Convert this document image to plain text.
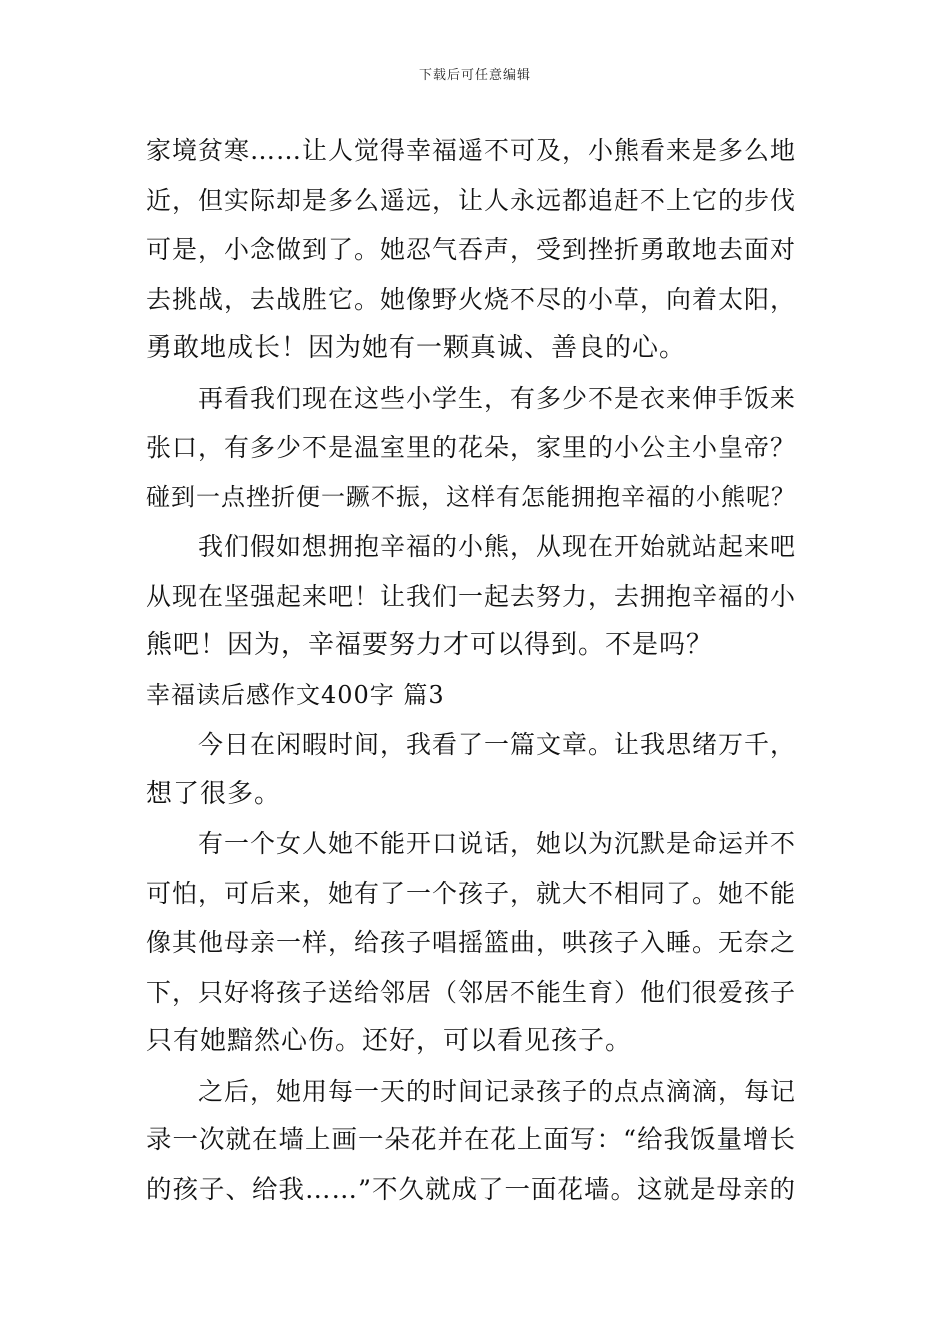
下载后可任意编辑
家境贫寒……让人觉得幸福遥不可及，小熊看来是多么地
近，但实际却是多么遥远，让人永远都追赶不上它的步伐
可是，小念做到了。她忍气吞声，受到挫折勇敢地去面对
去挑战，去战胜它。她像野火烧不尽的小草，向着太阳，
勇敢地成长！因为她有一颗真诚、善良的心。
再看我们现在这些小学生，有多少不是衣来伸手饭来
张口，有多少不是温室里的花朵，家里的小公主小皇帝？
碰到一点挫折便一蹶不振，这样有怎能拥抱辛福的小熊呢？
我们假如想拥抱辛福的小熊，从现在开始就站起来吧
从现在坚强起来吧！让我们一起去努力，去拥抱辛福的小
熊吧！因为，辛福要努力才可以得到。不是吗？
幸福读后感作文400字 篇3
今日在闲暇时间，我看了一篇文章。让我思绪万千，
想了很多。
有一个女人她不能开口说话，她以为沉默是命运并不
可怕，可后来，她有了一个孩子，就大不相同了。她不能
像其他母亲一样，给孩子唱摇篮曲，哄孩子入睡。无奈之
下，只好将孩子送给邻居（邻居不能生育）他们很爱孩子
只有她黯然心伤。还好，可以看见孩子。
之后，她用每一天的时间记录孩子的点点滴滴，每记
录一次就在墙上画一朵花并在花上面写：“给我饭量增长
的孩子、给我……”不久就成了一面花墙。这就是母亲的
